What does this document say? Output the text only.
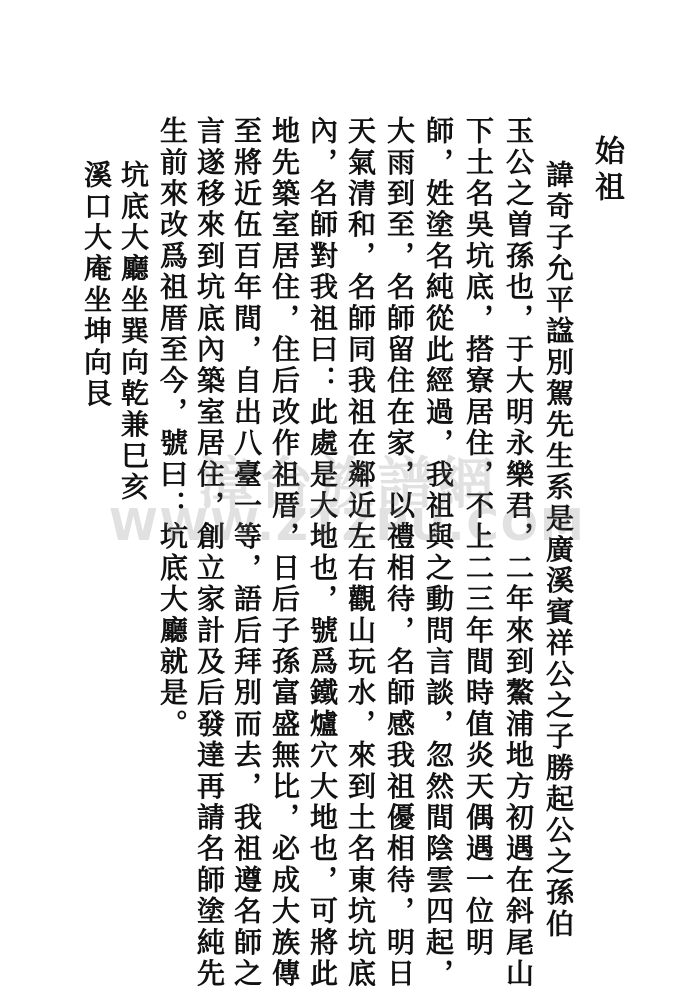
始祖
諱奇子允平諡別駕先生系是廣溪賓祥公之子勝起公之孫伯
玉公之曽孫也，于大明永樂君，二年來到鰲浦地方初遇在斜尾山
下土名吳坑底，搭寮居住，不上二三年間時值炎天偶遇一位明
師，姓塗名純從此經過，我祖與之動問言談，忽然間陰雲四起，
大雨到至，名師留住在家，以禮相待，名師感我祖優相待，明日
天氣清和，名師同我祖在鄰近左右觀山玩水，來到土名東坑坑底
內，名師對我祖曰：此處是大地也，號爲鐵爐穴大地也，可將此
地先築室居住，住后改作祖厝，日后子孫富盛無比，必成大族傳
至將近伍百年間，自出八臺一等，語后拜別而去，我祖遵名師之
言遂移來到坑底內築室居住，創立家計及后發達再請名師塗純先
生前來改爲祖厝至今，號曰：坑底大廳就是。
坑底大廳坐巽向乾兼巳亥
溪口大庵坐坤向艮
漳台族譜網
WWW.ZTZPU.COM
